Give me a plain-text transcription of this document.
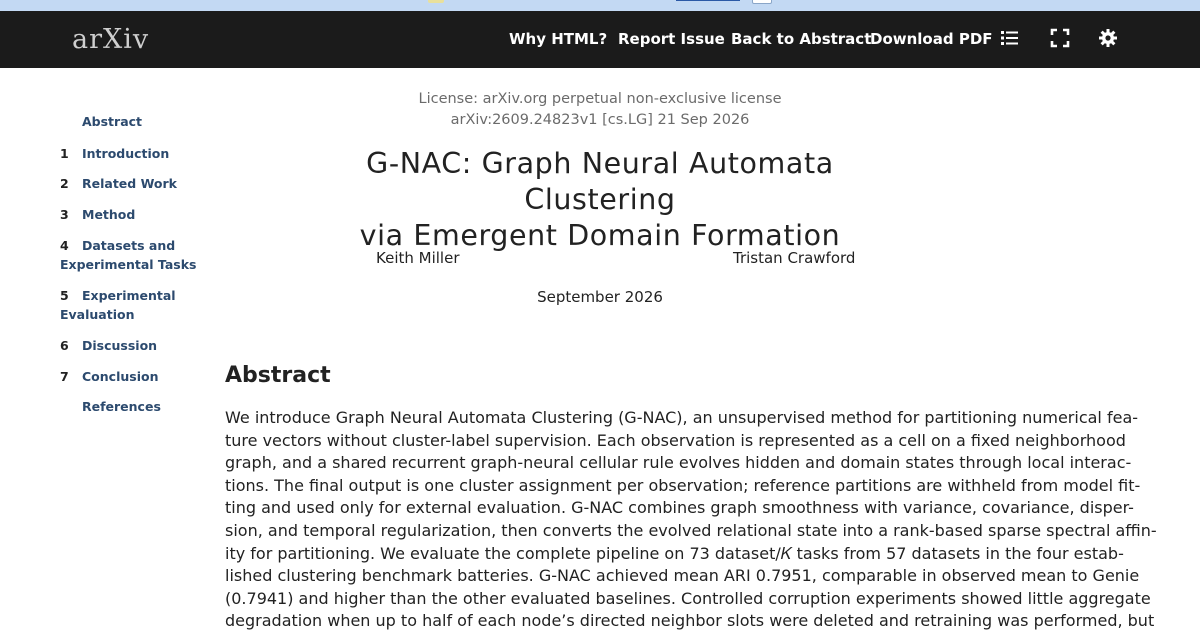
arXiv	Why HTML? Report Issue Back to Abstract
Download PDF
Abstract
1 Introduction
2 Related Work
3 Method
4 Datasets and
Experimental Tasks
5 Experimental
Evaluation
6 Discussion
7 Conclusion
References
License: arXiv.org perpetual non-exclusive license
arXiv:2609.24823v1 [cs.LG] 21 Sep 2026
G-NAC: Graph Neural Automata Clustering
via Emergent Domain Formation
Keith Miller	Tristan Crawford
September 2026
Abstract
We introduce Graph Neural Automata Clustering (G-NAC), an unsupervised method for partitioning numerical fea-
ture vectors without cluster-label supervision. Each observation is represented as a cell on a fixed neighborhood
graph, and a shared recurrent graph-neural cellular rule evolves hidden and domain states through local interac-
tions. The final output is one cluster assignment per observation; reference partitions are withheld from model fit-
ting and used only for external evaluation. G-NAC combines graph smoothness with variance, covariance, disper-
sion, and temporal regularization, then converts the evolved relational state into a rank-based sparse spectral affin-
ity for partitioning. We evaluate the complete pipeline on 73 dataset/𝐾 tasks from 57 datasets in the four estab-
lished clustering benchmark batteries. G-NAC achieved mean ARI 0.7951, comparable in observed mean to Genie
(0.7941) and higher than the other evaluated baselines. Controlled corruption experiments showed little aggregate
degradation when up to half of each node’s directed neighbor slots were deleted and retraining was performed, but
